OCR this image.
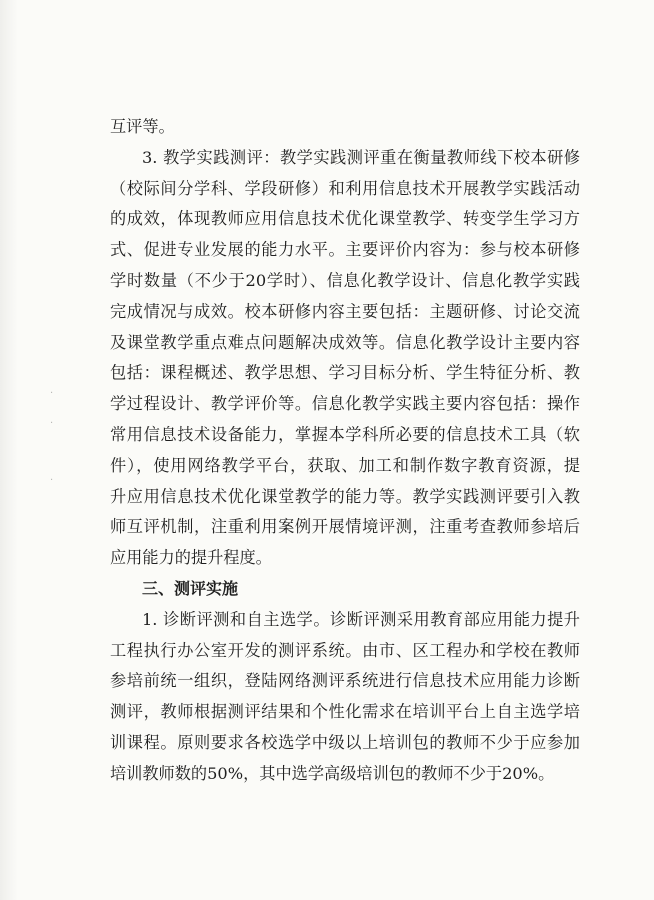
·
·
·
互评等。
3. 教学实践测评：教学实践测评重在衡量教师线下校本研修
（校际间分学科、学段研修）和利用信息技术开展教学实践活动
的成效，体现教师应用信息技术优化课堂教学、转变学生学习方
式、促进专业发展的能力水平。主要评价内容为：参与校本研修
学时数量（不少于20学时）、信息化教学设计、信息化教学实践
完成情况与成效。校本研修内容主要包括：主题研修、讨论交流
及课堂教学重点难点问题解决成效等。信息化教学设计主要内容
包括：课程概述、教学思想、学习目标分析、学生特征分析、教
学过程设计、教学评价等。信息化教学实践主要内容包括：操作
常用信息技术设备能力，掌握本学科所必要的信息技术工具（软
件），使用网络教学平台，获取、加工和制作数字教育资源，提
升应用信息技术优化课堂教学的能力等。教学实践测评要引入教
师互评机制，注重利用案例开展情境评测，注重考查教师参培后
应用能力的提升程度。
三、测评实施
1. 诊断评测和自主选学。诊断评测采用教育部应用能力提升
工程执行办公室开发的测评系统。由市、区工程办和学校在教师
参培前统一组织，登陆网络测评系统进行信息技术应用能力诊断
测评，教师根据测评结果和个性化需求在培训平台上自主选学培
训课程。原则要求各校选学中级以上培训包的教师不少于应参加
培训教师数的50%，其中选学高级培训包的教师不少于20%。
